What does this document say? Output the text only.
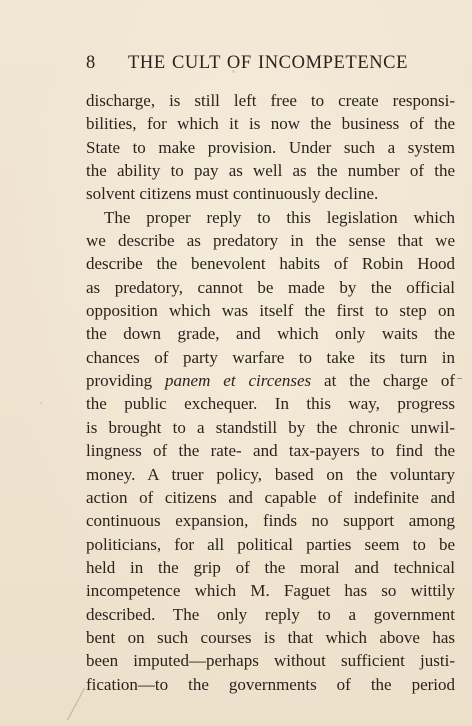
8 THE CULT OF INCOMPETENCE

discharge, is still left free to create responsi-
bilities, for which it is now the business of the
State to make provision. Under such a system
the ability to pay as well as the number of the
solvent citizens must continuously decline.

The proper reply to this legislation which
we describe as predatory in the sense that we
describe the benevolent habits of Robin Hood
as predatory, cannot be made by the official
opposition which was itself the first to step on
the down grade, and which only waits the
chances of party warfare to take its turn in
providing panem et circenses at the charge of
the public exchequer. In this way, progress
is brought to a standstill by the chronic unwil-
lingness of the rate- and tax-payers to find the
money. A truer policy, based on the voluntary
action of citizens and capable of indefinite and
continuous expansion, finds no support among
politicians, for all political parties seem to be
held in the grip of the moral and technical
incompetence which M. Faguet has so wittily
described. The only reply to a government
bent on such courses is that which above has
been imputed—perhaps without sufficient justi-
fication—to the governments of the period
